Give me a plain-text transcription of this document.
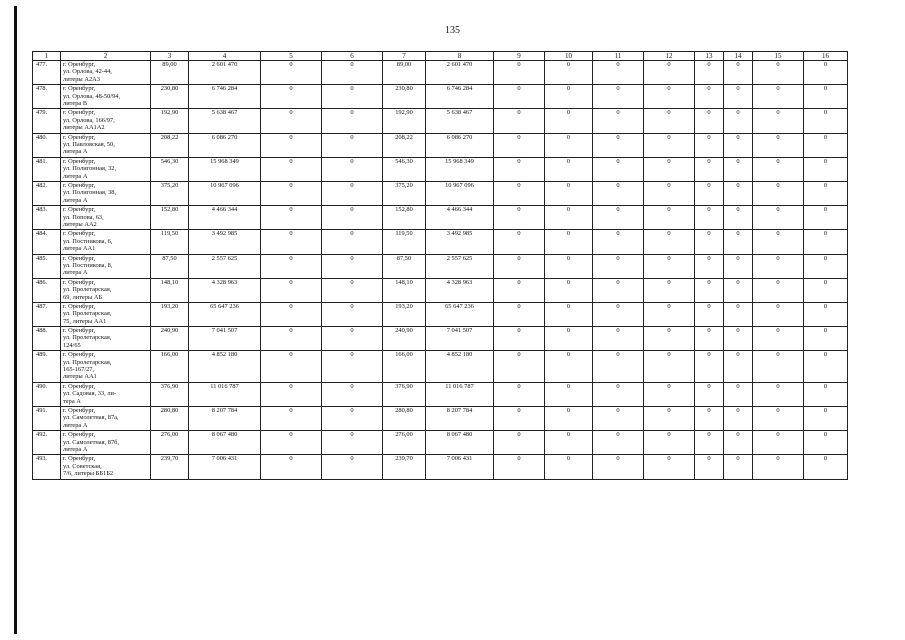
135
1	2	3	4	5	6	7	8	9	10	11	12	13	14	15	16
477.	г. Оренбург,
ул. Орлова, 42-44,
литеры А2А3	89,00	2 601 470	0	0	89,00	2 601 470	0	0	0	0	0	0	0	0
478.	г. Оренбург,
ул. Орлова, 48-50/94,
литера В	230,80	6 746 284	0	0	230,80	6 746 284	0	0	0	0	0	0	0	0
479.	г. Оренбург,
ул. Орлова, 166/97,
литеры АА1А2	192,90	5 638 467	0	0	192,90	5 638 467	0	0	0	0	0	0	0	0
480.	г. Оренбург,
ул. Павловская, 50,
литера А	208,22	6 086 270	0	0	208,22	6 086 270	0	0	0	0	0	0	0	0
481.	г. Оренбург,
ул. Полигонная, 32,
литера А	546,30	15 968 349	0	0	546,30	15 968 349	0	0	0	0	0	0	0	0
482.	г. Оренбург,
ул. Полигонная, 38,
литера А	375,20	10 967 096	0	0	375,20	10 967 096	0	0	0	0	0	0	0	0
483.	г. Оренбург,
ул. Попова, 63,
литеры АА2	152,80	4 466 344	0	0	152,80	4 466 344	0	0	0	0	0	0	0	0
484.	г. Оренбург,
ул. Постникова, 6,
литера АА1	119,50	3 492 985	0	0	119,50	3 492 985	0	0	0	0	0	0	0	0
485.	г. Оренбург,
ул. Постникова, 8,
литера А	87,50	2 557 625	0	0	87,50	2 557 625	0	0	0	0	0	0	0	0
486.	г. Оренбург,
ул. Пролетарская,
69, литеры АБ	148,10	4 328 963	0	0	148,10	4 328 963	0	0	0	0	0	0	0	0
487.	г. Оренбург,
ул. Пролетарская,
75, литеры АА1	193,20	65 647 236	0	0	193,20	65 647 236	0	0	0	0	0	0	0	0
488.	г. Оренбург,
ул. Пролетарская,
124/65	240,90	7 041 507	0	0	240,90	7 041 507	0	0	0	0	0	0	0	0
489.	г. Оренбург,
ул. Пролетарская,
165-167/27,
литеры АА1	166,00	4 852 180	0	0	166,00	4 852 180	0	0	0	0	0	0	0	0
490.	г. Оренбург,
ул. Садовая, 33, ли-
тера А	376,90	11 016 787	0	0	376,90	11 016 787	0	0	0	0	0	0	0	0
491.	г. Оренбург,
ул. Самолетная, 87а,
литера А	280,80	8 207 784	0	0	280,80	8 207 784	0	0	0	0	0	0	0	0
492.	г. Оренбург,
ул. Самолетная, 87б,
литера А	276,00	8 067 480	0	0	276,00	8 067 480	0	0	0	0	0	0	0	0
493.	г. Оренбург,
ул. Советская,
7/6, литеры ББ1Б2	239,70	7 006 431	0	0	239,70	7 006 431	0	0	0	0	0	0	0	0
